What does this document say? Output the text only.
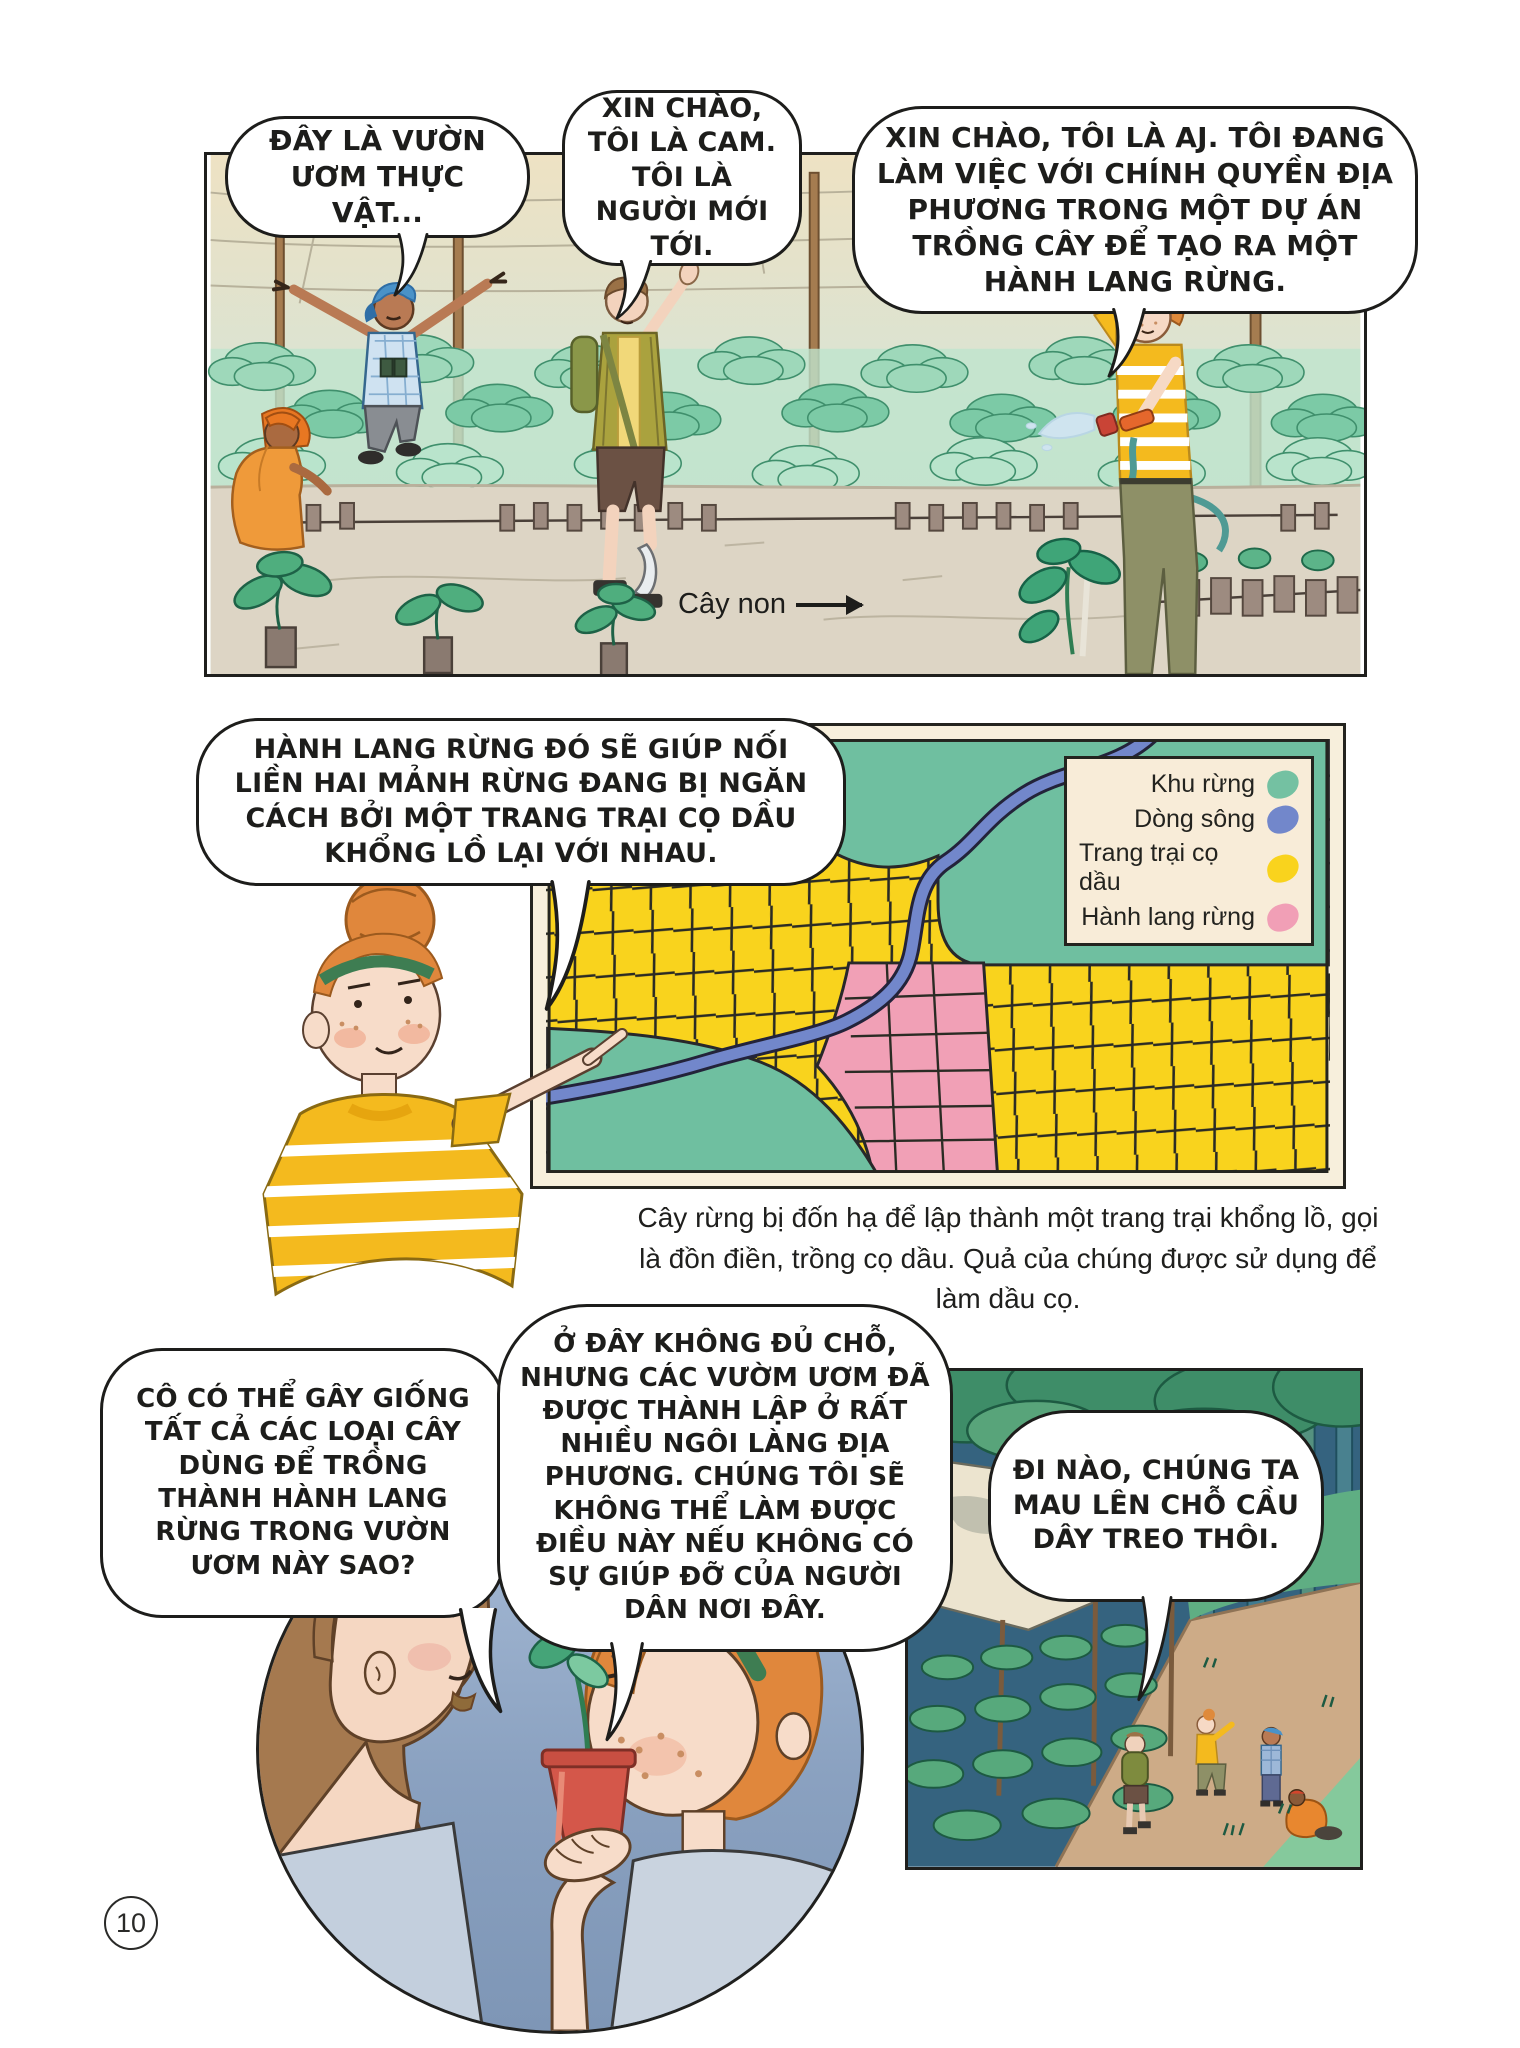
Cây non
ĐÂY LÀ VƯỜN ƯƠM THỰC VẬT...
XIN CHÀO, TÔI LÀ CAM. TÔI LÀ NGƯỜI MỚI TỚI.
XIN CHÀO, TÔI LÀ AJ. TÔI ĐANG LÀM VIỆC VỚI CHÍNH QUYỀN ĐỊA PHƯƠNG TRONG MỘT DỰ ÁN TRỒNG CÂY ĐỂ TẠO RA MỘT HÀNH LANG RỪNG.
Khu rừng
Dòng sông
Trang trại cọ dầu
Hành lang rừng
HÀNH LANG RỪNG ĐÓ SẼ GIÚP NỐI LIỀN HAI MẢNH RỪNG ĐANG BỊ NGĂN CÁCH BỞI MỘT TRANG TRẠI CỌ DẦU KHỔNG LỒ LẠI VỚI NHAU.
Cây rừng bị đốn hạ để lập thành một trang trại khổng lồ, gọi là đồn điền, trồng cọ dầu. Quả của chúng được sử dụng để làm dầu cọ.
ĐI NÀO, CHÚNG TA MAU LÊN CHỖ CẦU DÂY TREO THÔI.
CÔ CÓ THỂ GÂY GIỐNG TẤT CẢ CÁC LOẠI CÂY DÙNG ĐỂ TRỒNG THÀNH HÀNH LANG RỪNG TRONG VƯỜN ƯƠM NÀY SAO?
Ở ĐÂY KHÔNG ĐỦ CHỖ, NHƯNG CÁC VƯỜM ƯƠM ĐÃ ĐƯỢC THÀNH LẬP Ở RẤT NHIỀU NGÔI LÀNG ĐỊA PHƯƠNG. CHÚNG TÔI SẼ KHÔNG THỂ LÀM ĐƯỢC ĐIỀU NÀY NẾU KHÔNG CÓ SỰ GIÚP ĐỠ CỦA NGƯỜI DÂN NƠI ĐÂY.
10
